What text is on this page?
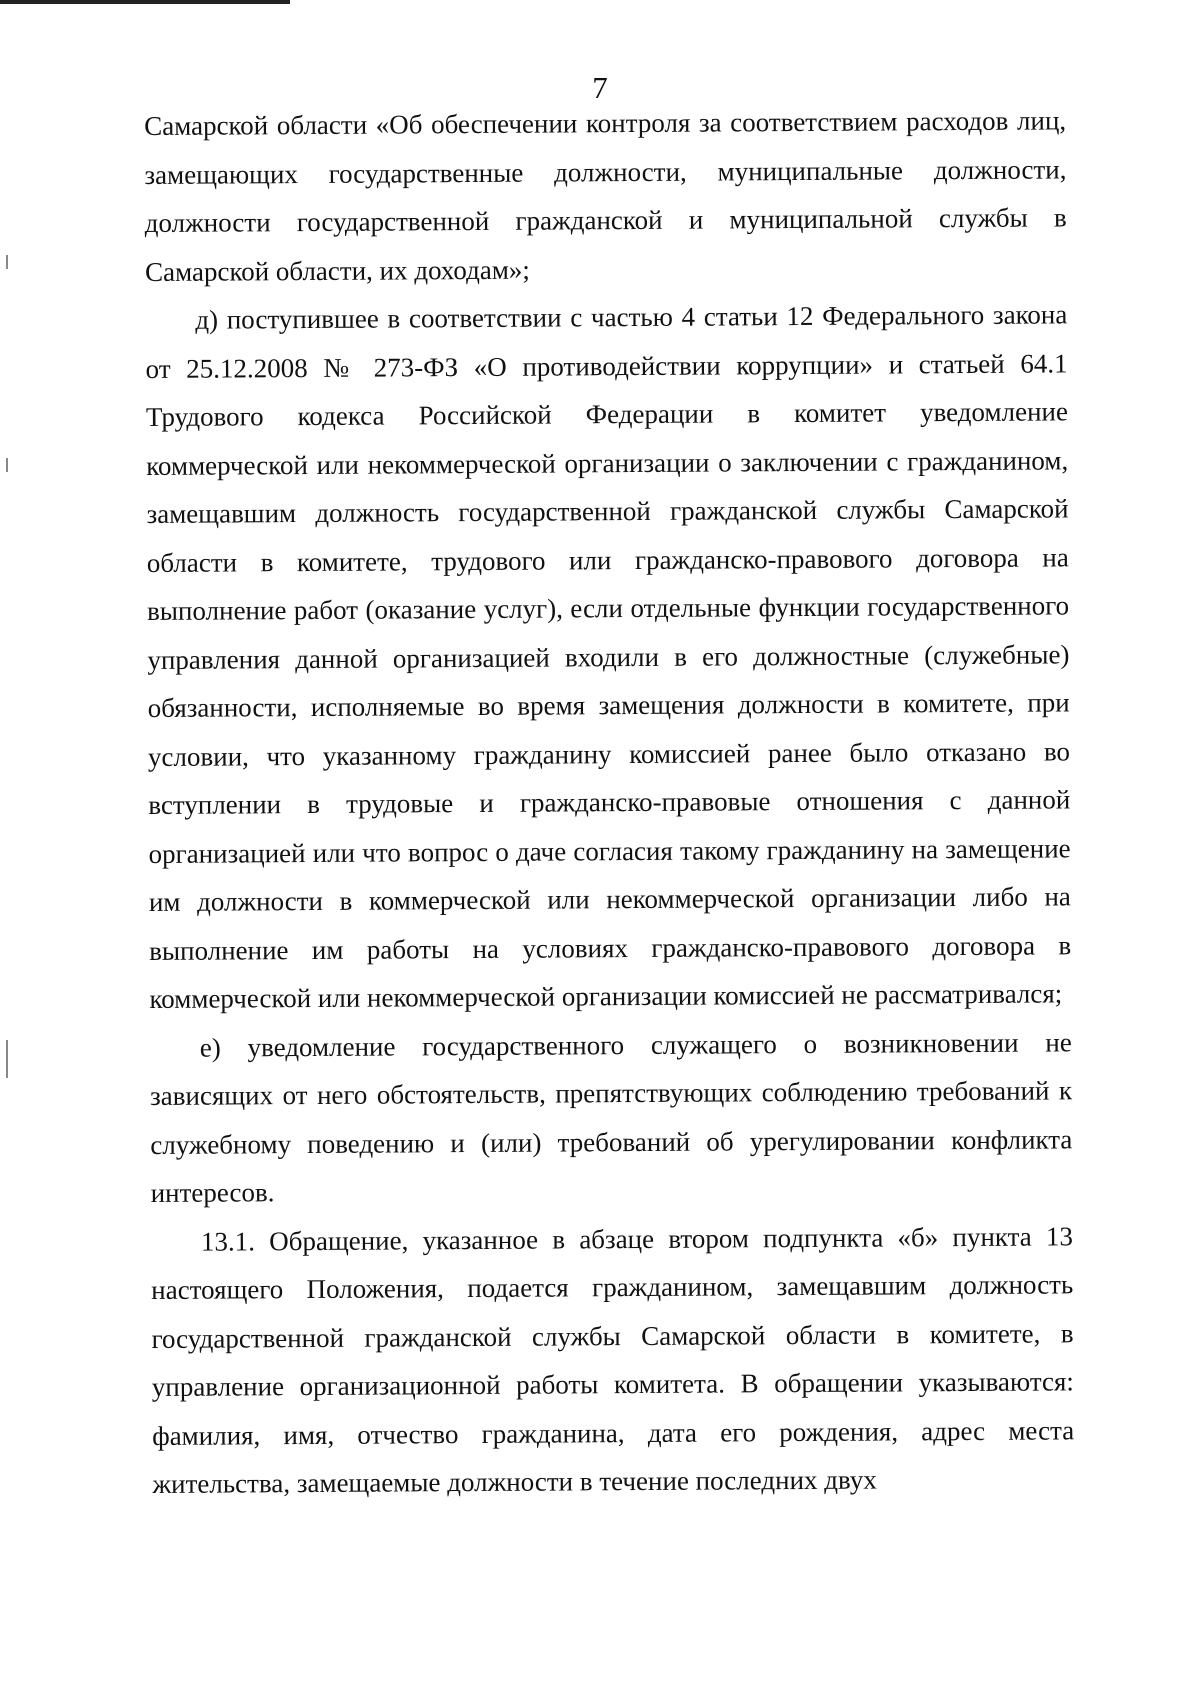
7

Самарской области «Об обеспечении контроля за соответствием расходов лиц, замещающих государственные должности, муниципальные должности, должности государственной гражданской и муниципальной службы в Самарской области, их доходам»;

д) поступившее в соответствии с частью 4 статьи 12 Федерального закона от 25.12.2008 № 273-ФЗ «О противодействии коррупции» и статьей 64.1 Трудового кодекса Российской Федерации в комитет уведомление коммерческой или некоммерческой организации о заключении с гражданином, замещавшим должность государственной гражданской службы Самарской области в комитете, трудового или гражданско-правового договора на выполнение работ (оказание услуг), если отдельные функции государственного управления данной организацией входили в его должностные (служебные) обязанности, исполняемые во время замещения должности в комитете, при условии, что указанному гражданину комиссией ранее было отказано во вступлении в трудовые и гражданско-правовые отношения с данной организацией или что вопрос о даче согласия такому гражданину на замещение им должности в коммерческой или некоммерческой организации либо на выполнение им работы на условиях гражданско-правового договора в коммерческой или некоммерческой организации комиссией не рассматривался;

е) уведомление государственного служащего о возникновении не зависящих от него обстоятельств, препятствующих соблюдению требований к служебному поведению и (или) требований об урегулировании конфликта интересов.

13.1. Обращение, указанное в абзаце втором подпункта «б» пункта 13 настоящего Положения, подается гражданином, замещавшим должность государственной гражданской службы Самарской области в комитете, в управление организационной работы комитета. В обращении указываются: фамилия, имя, отчество гражданина, дата его рождения, адрес места жительства, замещаемые должности в течение последних двух
